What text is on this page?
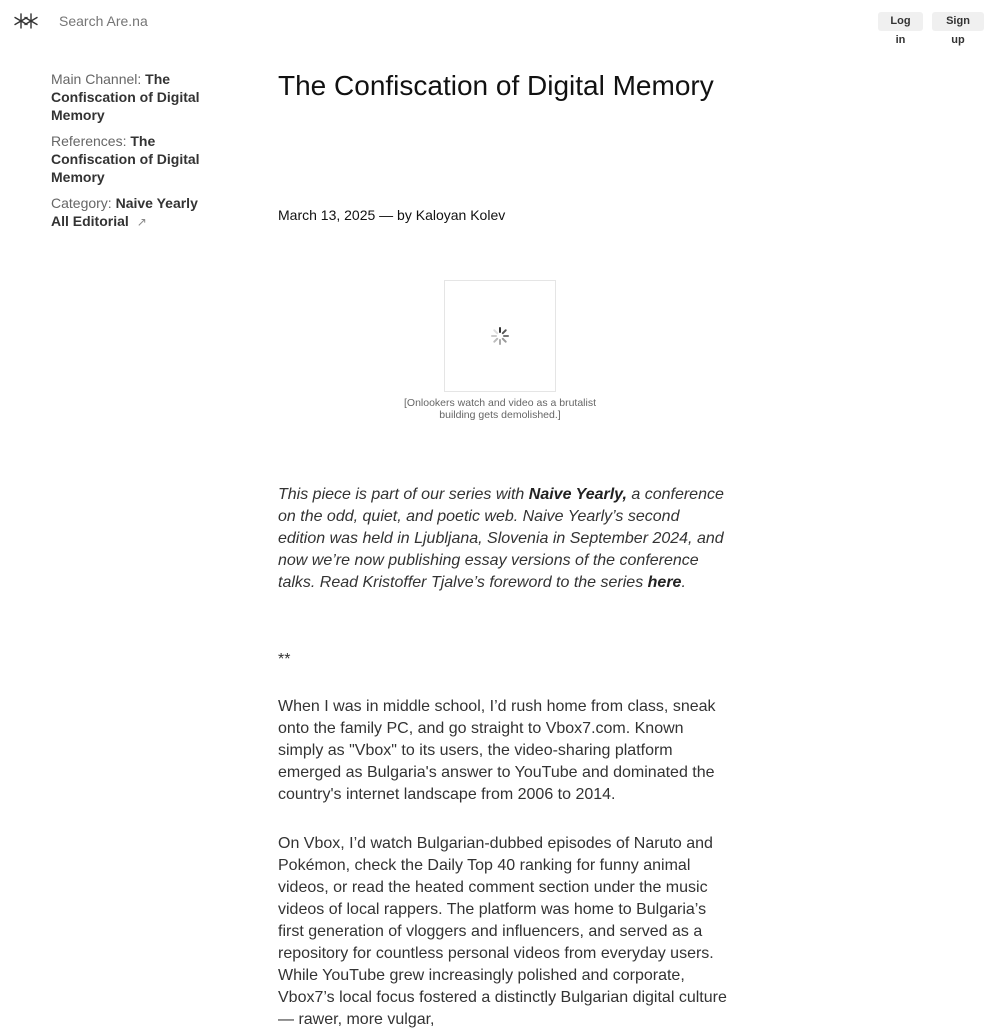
Search Are.na
Log in
Sign up
Main Channel: The Confiscation of Digital Memory
References: The Confiscation of Digital Memory
Category: Naive Yearly All Editorial ↗
The Confiscation of Digital Memory
March 13, 2025 — by Kaloyan Kolev
[Onlookers watch and video as a brutalist building gets demolished.]

This piece is part of our series with Naive Yearly, a conference on the odd, quiet, and poetic web. Naive Yearly’s second edition was held in Ljubljana, Slovenia in September 2024, and now we’re now publishing essay versions of the conference talks. Read Kristoffer Tjalve’s foreword to the series here.

**

When I was in middle school, I’d rush home from class, sneak onto the family PC, and go straight to Vbox7.com. Known simply as "Vbox" to its users, the video-sharing platform emerged as Bulgaria's answer to YouTube and dominated the country's internet landscape from 2006 to 2014.

On Vbox, I’d watch Bulgarian-dubbed episodes of Naruto and Pokémon, check the Daily Top 40 ranking for funny animal videos, or read the heated comment section under the music videos of local rappers. The platform was home to Bulgaria’s first generation of vloggers and influencers, and served as a repository for countless personal videos from everyday users. While YouTube grew increasingly polished and corporate, Vbox7’s local focus fostered a distinctly Bulgarian digital culture — rawer, more vulgar,
